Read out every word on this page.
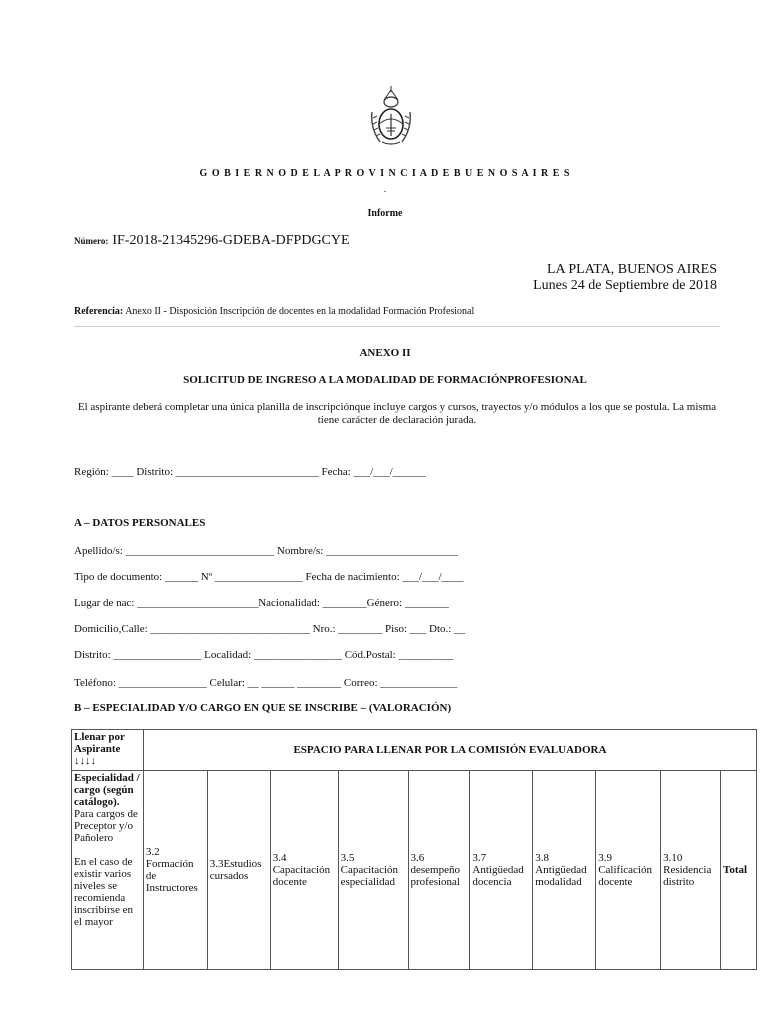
G O B I E R N O D E L A P R O V I N C I A D E B U E N O S A I R E S
.
Informe
Número: IF-2018-21345296-GDEBA-DFPDGCYE
LA PLATA, BUENOS AIRES
Lunes 24 de Septiembre de 2018
Referencia: Anexo II - Disposición Inscripción de docentes en la modalidad Formación Profesional
ANEXO II
SOLICITUD DE INGRESO A LA MODALIDAD DE FORMACIÓNPROFESIONAL
El aspirante deberá completar una única planilla de inscripciónque incluye cargos y cursos, trayectos y/o módulos a los que se postula. La misma tiene carácter de declaración jurada.
Región: ____ Distrito: __________________________ Fecha: ___/___/______
A – DATOS PERSONALES
Apellido/s: ___________________________ Nombre/s: ________________________
Tipo de documento: ______ Nº ________________ Fecha de nacimiento: ___/___/____
Lugar de nac: ______________________Nacionalidad: ________Género: ________
Domicilio,Calle: _____________________________ Nro.: ________ Piso: ___ Dto.: __
Distrito: ________________ Localidad: ________________ Cód.Postal: __________
Teléfono: ________________ Celular: __ ______ ________ Correo: ______________
B – ESPECIALIDAD Y/O CARGO EN QUE SE INSCRIBE – (VALORACIÓN)
Llenar por Aspirante
↓↓↓↓	ESPACIO PARA LLENAR POR LA COMISIÓN EVALUADORA									

Especialidad / cargo (según catálogo).
Para cargos de Preceptor y/o Pañolero
En el caso de existir varios niveles se recomienda inscribirse en el mayor	3.2 Formación de Instructores	3.3Estudios cursados	3.4 Capacitación docente	3.5 Capacitación especialidad	3.6 desempeño profesional	3.7 Antigüedad docencia	3.8 Antigüedad modalidad	3.9 Calificación docente	3.10 Residencia distrito	Total
